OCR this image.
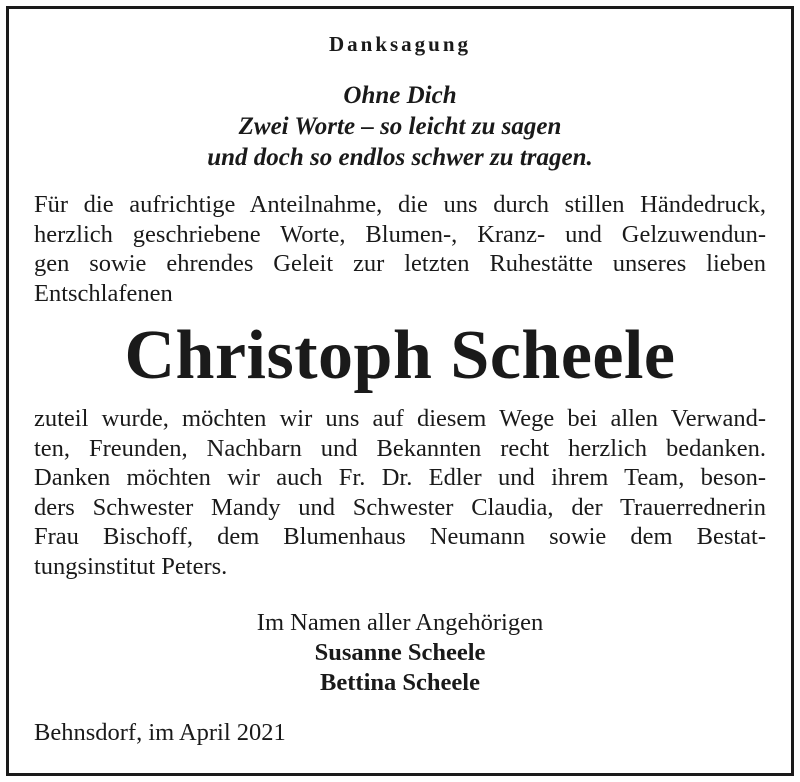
Danksagung
Ohne Dich
Zwei Worte – so leicht zu sagen
und doch so endlos schwer zu tragen.
Für die aufrichtige Anteilnahme, die uns durch stillen Händedruck,
herzlich geschriebene Worte, Blumen-, Kranz- und Gelzuwendun-
gen sowie ehrendes Geleit zur letzten Ruhestätte unseres lieben
Entschlafenen
Christoph Scheele
zuteil wurde, möchten wir uns auf diesem Wege bei allen Verwand-
ten, Freunden, Nachbarn und Bekannten recht herzlich bedanken.
Danken möchten wir auch Fr. Dr. Edler und ihrem Team, beson-
ders Schwester Mandy und Schwester Claudia, der Trauerrednerin
Frau Bischoff, dem Blumenhaus Neumann sowie dem Bestat-
tungsinstitut Peters.
Im Namen aller Angehörigen
Susanne Scheele
Bettina Scheele
Behnsdorf, im April 2021
